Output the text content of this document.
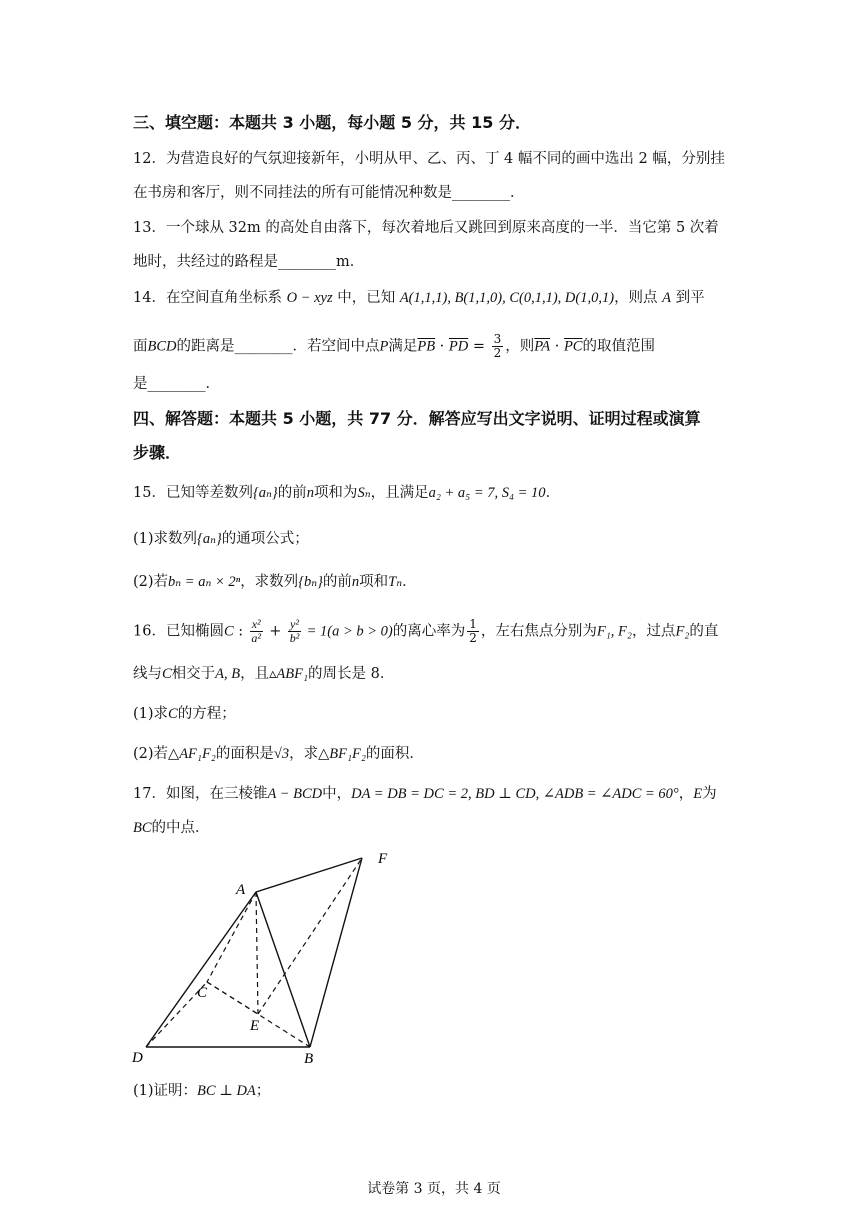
三、填空题：本题共 3 小题，每小题 5 分，共 15 分．
12．为营造良好的气氛迎接新年，小明从甲、乙、丙、丁 4 幅不同的画中选出 2 幅，分别挂
在书房和客厅，则不同挂法的所有可能情况种数是________．
13．一个球从 32m 的高处自由落下，每次着地后又跳回到原来高度的一半．当它第 5 次着
地时，共经过的路程是________m．
14．在空间直角坐标系 O − xyz 中，已知 A(1,1,1), B(1,1,0), C(0,1,1), D(1,0,1)，则点 A 到平
面BCD的距离是________．若空间中点P满足$\overline{PB} \cdot \overline{PD} = \frac{3}{2}$ ，则$\overline{PA} \cdot \overline{PC}$的取值范围
是________．
四、解答题：本题共 5 小题，共 77 分．解答应写出文字说明、证明过程或演算
步骤．
15．已知等差数列{aₙ}的前n项和为Sₙ，且满足a₂ + a₅ = 7, S₄ = 10．
(1)求数列{aₙ}的通项公式；
(2)若bₙ = aₙ × 2ⁿ，求数列{bₙ}的前n项和Tₙ．
16．已知椭圆C : $\frac{\text{x²}}{\text{a²}} + \frac{\text{y²}}{\text{b²}} = 1(a > b > 0)$的离心率为 $\frac{1}{2}$ ，左右焦点分别为F₁, F₂，过点F₂的直
线与C相交于A, B，且▵ABF₁的周长是 8．
(1)求C的方程；
(2)若△AF₁F₂的面积是√3，求△BF₁F₂的面积．
17．如图，在三棱锥A − BCD中，DA = DB = DC = 2, BD ⊥ CD, ∠ADB = ∠ADC = 60°，E为
BC的中点．
A
B
C
D
E
F
(1)证明：BC ⊥ DA；
试卷第 3 页，共 4 页
